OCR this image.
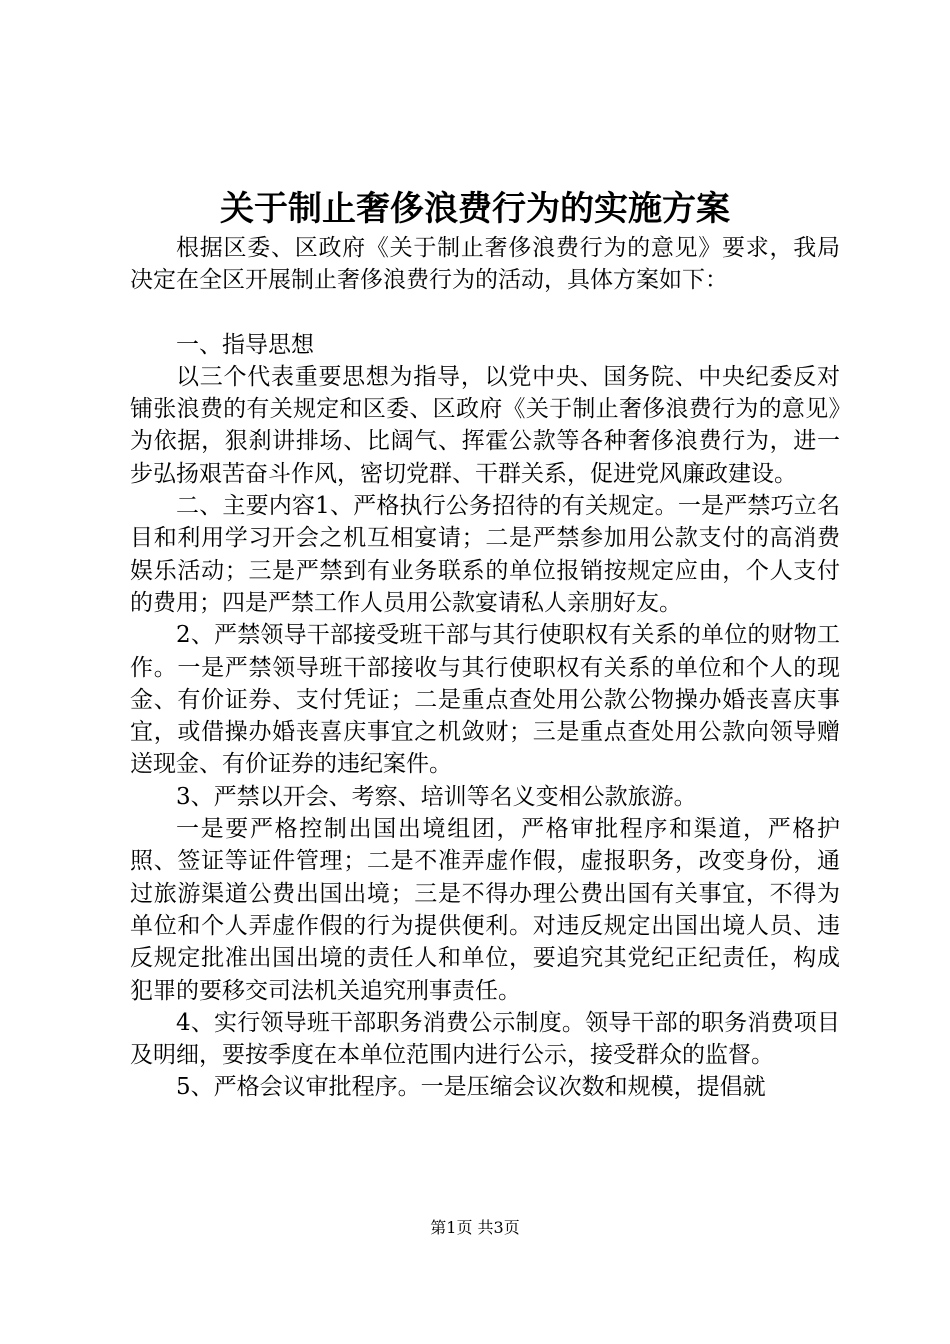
关于制止奢侈浪费行为的实施方案

根据区委、区政府《关于制止奢侈浪费行为的意见》要求，我局决定在全区开展制止奢侈浪费行为的活动，具体方案如下：

一、指导思想

以三个代表重要思想为指导，以党中央、国务院、中央纪委反对铺张浪费的有关规定和区委、区政府《关于制止奢侈浪费行为的意见》为依据，狠刹讲排场、比阔气、挥霍公款等各种奢侈浪费行为，进一步弘扬艰苦奋斗作风，密切党群、干群关系，促进党风廉政建设。

二、主要内容1、严格执行公务招待的有关规定。一是严禁巧立名目和利用学习开会之机互相宴请；二是严禁参加用公款支付的高消费娱乐活动；三是严禁到有业务联系的单位报销按规定应由，个人支付的费用；四是严禁工作人员用公款宴请私人亲朋好友。

2、严禁领导干部接受班干部与其行使职权有关系的单位的财物工作。一是严禁领导班干部接收与其行使职权有关系的单位和个人的现金、有价证券、支付凭证；二是重点查处用公款公物操办婚丧喜庆事宜，或借操办婚丧喜庆事宜之机敛财；三是重点查处用公款向领导赠送现金、有价证券的违纪案件。

3、严禁以开会、考察、培训等名义变相公款旅游。

一是要严格控制出国出境组团，严格审批程序和渠道，严格护照、签证等证件管理；二是不准弄虚作假，虚报职务，改变身份，通过旅游渠道公费出国出境；三是不得办理公费出国有关事宜，不得为单位和个人弄虚作假的行为提供便利。对违反规定出国出境人员、违反规定批准出国出境的责任人和单位，要追究其党纪正纪责任，构成犯罪的要移交司法机关追究刑事责任。

4、实行领导班干部职务消费公示制度。领导干部的职务消费项目及明细，要按季度在本单位范围内进行公示，接受群众的监督。

5、严格会议审批程序。一是压缩会议次数和规模，提倡就

第1页 共3页
